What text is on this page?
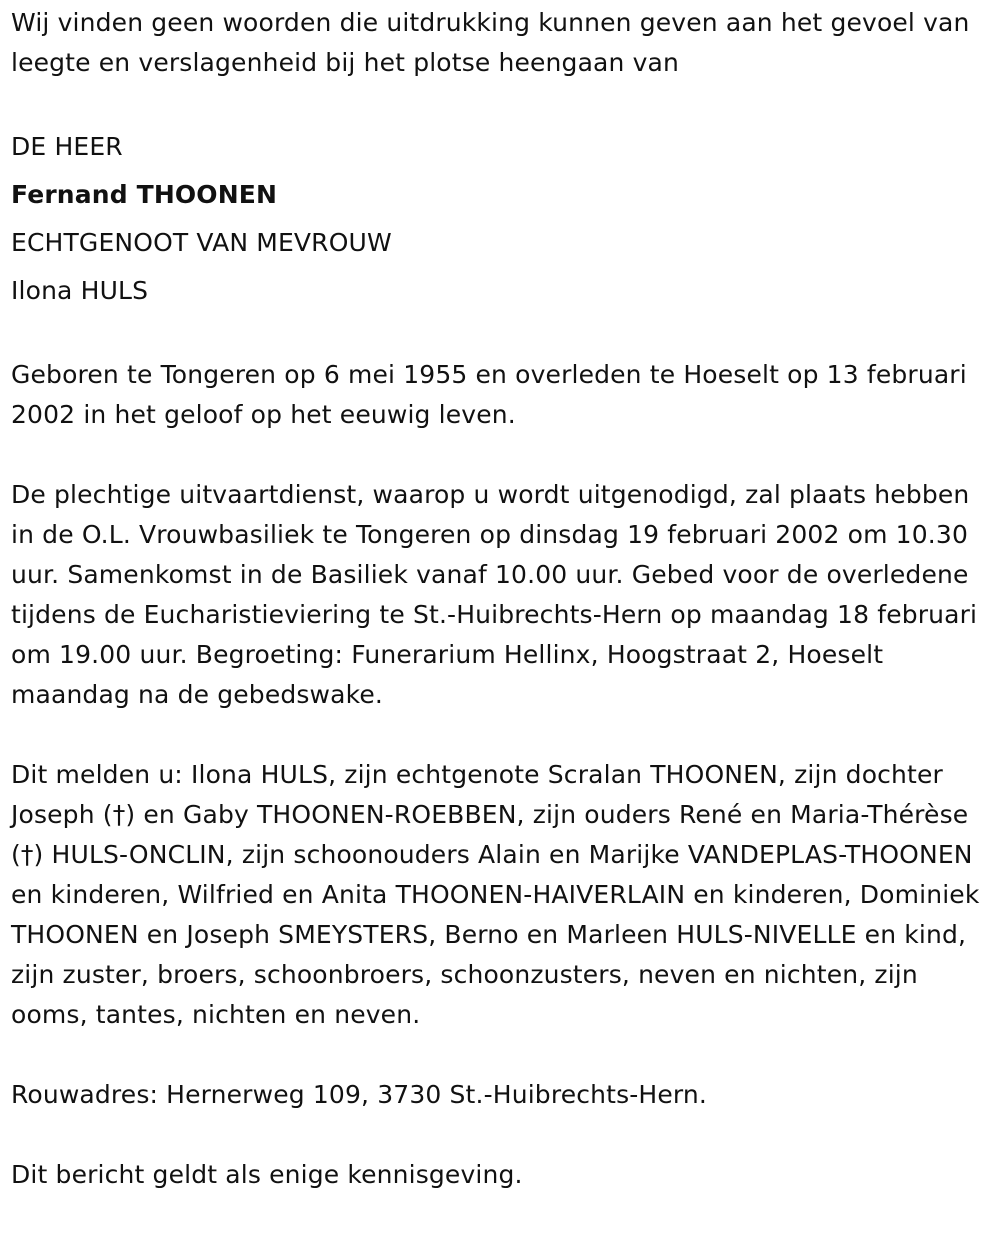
Wij vinden geen woorden die uitdrukking kunnen geven aan het gevoel van leegte en verslagenheid bij het plotse heengaan van

DE HEER
Fernand THOONEN
ECHTGENOOT VAN MEVROUW
Ilona HULS

Geboren te Tongeren op 6 mei 1955 en overleden te Hoeselt op 13 februari 2002 in het geloof op het eeuwig leven.

De plechtige uitvaartdienst, waarop u wordt uitgenodigd, zal plaats hebben in de O.L. Vrouwbasiliek te Tongeren op dinsdag 19 februari 2002 om 10.30 uur. Samenkomst in de Basiliek vanaf 10.00 uur. Gebed voor de overledene tijdens de Eucharistieviering te St.-Huibrechts-Hern op maandag 18 februari om 19.00 uur. Begroeting: Funerarium Hellinx, Hoogstraat 2, Hoeselt maandag na de gebedswake.

Dit melden u: Ilona HULS, zijn echtgenote Scralan THOONEN, zijn dochter Joseph (†) en Gaby THOONEN-ROEBBEN, zijn ouders René en Maria-Thérèse (†) HULS-ONCLIN, zijn schoonouders Alain en Marijke VANDEPLAS-THOONEN en kinderen, Wilfried en Anita THOONEN-HAIVERLAIN en kinderen, Dominiek THOONEN en Joseph SMEYSTERS, Berno en Marleen HULS-NIVELLE en kind, zijn zuster, broers, schoonbroers, schoonzusters, neven en nichten, zijn ooms, tantes, nichten en neven.

Rouwadres: Hernerweg 109, 3730 St.-Huibrechts-Hern.

Dit bericht geldt als enige kennisgeving.
